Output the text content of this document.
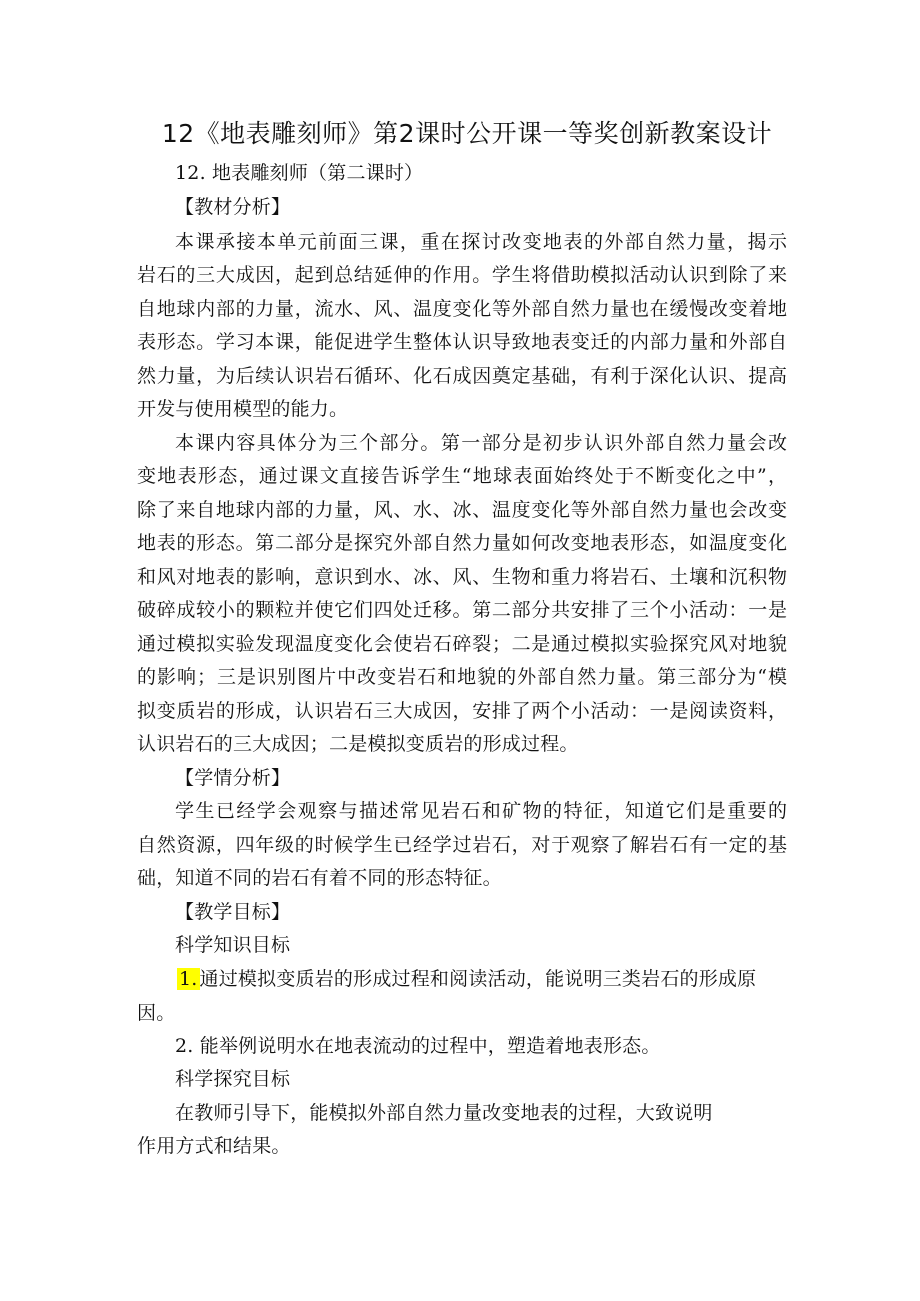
12《地表雕刻师》第2课时公开课一等奖创新教案设计
12. 地表雕刻师（第二课时）
【教材分析】
本课承接本单元前面三课，重在探讨改变地表的外部自然力量，揭示
岩石的三大成因，起到总结延伸的作用。学生将借助模拟活动认识到除了来
自地球内部的力量，流水、风、温度变化等外部自然力量也在缓慢改变着地
表形态。学习本课，能促进学生整体认识导致地表变迁的内部力量和外部自
然力量，为后续认识岩石循环、化石成因奠定基础，有利于深化认识、提高
开发与使用模型的能力。
本课内容具体分为三个部分。第一部分是初步认识外部自然力量会改
变地表形态，通过课文直接告诉学生“地球表面始终处于不断变化之中”，
除了来自地球内部的力量，风、水、冰、温度变化等外部自然力量也会改变
地表的形态。第二部分是探究外部自然力量如何改变地表形态，如温度变化
和风对地表的影响，意识到水、冰、风、生物和重力将岩石、土壤和沉积物
破碎成较小的颗粒并使它们四处迁移。第二部分共安排了三个小活动：一是
通过模拟实验发现温度变化会使岩石碎裂；二是通过模拟实验探究风对地貌
的影响；三是识别图片中改变岩石和地貌的外部自然力量。第三部分为“模
拟变质岩的形成，认识岩石三大成因，安排了两个小活动：一是阅读资料，
认识岩石的三大成因；二是模拟变质岩的形成过程。
【学情分析】
学生已经学会观察与描述常见岩石和矿物的特征，知道它们是重要的
自然资源，四年级的时候学生已经学过岩石，对于观察了解岩石有一定的基
础，知道不同的岩石有着不同的形态特征。
【教学目标】
科学知识目标
1. 通过模拟变质岩的形成过程和阅读活动，能说明三类岩石的形成原
因。
2. 能举例说明水在地表流动的过程中，塑造着地表形态。
科学探究目标
在教师引导下，能模拟外部自然力量改变地表的过程，大致说明
作用方式和结果。
